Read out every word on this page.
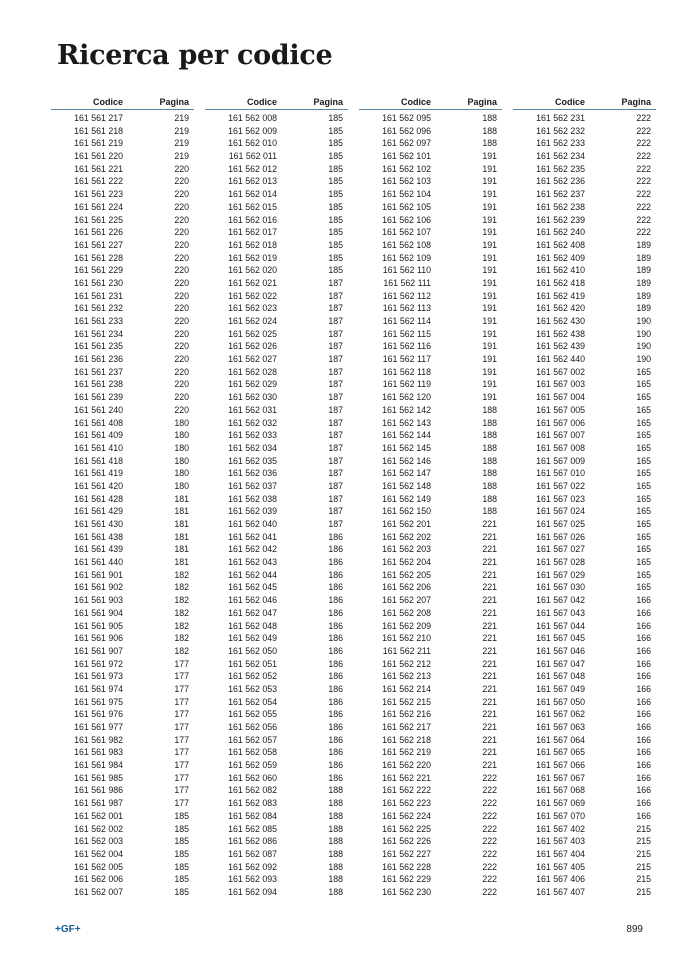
Ricerca per codice
Codice	Pagina
161 561 217	219
161 561 218	219
161 561 219	219
161 561 220	219
161 561 221	220
161 561 222	220
161 561 223	220
161 561 224	220
161 561 225	220
161 561 226	220
161 561 227	220
161 561 228	220
161 561 229	220
161 561 230	220
161 561 231	220
161 561 232	220
161 561 233	220
161 561 234	220
161 561 235	220
161 561 236	220
161 561 237	220
161 561 238	220
161 561 239	220
161 561 240	220
161 561 408	180
161 561 409	180
161 561 410	180
161 561 418	180
161 561 419	180
161 561 420	180
161 561 428	181
161 561 429	181
161 561 430	181
161 561 438	181
161 561 439	181
161 561 440	181
161 561 901	182
161 561 902	182
161 561 903	182
161 561 904	182
161 561 905	182
161 561 906	182
161 561 907	182
161 561 972	177
161 561 973	177
161 561 974	177
161 561 975	177
161 561 976	177
161 561 977	177
161 561 982	177
161 561 983	177
161 561 984	177
161 561 985	177
161 561 986	177
161 561 987	177
161 562 001	185
161 562 002	185
161 562 003	185
161 562 004	185
161 562 005	185
161 562 006	185
161 562 007	185
Codice	Pagina
161 562 008	185
161 562 009	185
161 562 010	185
161 562 011	185
161 562 012	185
161 562 013	185
161 562 014	185
161 562 015	185
161 562 016	185
161 562 017	185
161 562 018	185
161 562 019	185
161 562 020	185
161 562 021	187
161 562 022	187
161 562 023	187
161 562 024	187
161 562 025	187
161 562 026	187
161 562 027	187
161 562 028	187
161 562 029	187
161 562 030	187
161 562 031	187
161 562 032	187
161 562 033	187
161 562 034	187
161 562 035	187
161 562 036	187
161 562 037	187
161 562 038	187
161 562 039	187
161 562 040	187
161 562 041	186
161 562 042	186
161 562 043	186
161 562 044	186
161 562 045	186
161 562 046	186
161 562 047	186
161 562 048	186
161 562 049	186
161 562 050	186
161 562 051	186
161 562 052	186
161 562 053	186
161 562 054	186
161 562 055	186
161 562 056	186
161 562 057	186
161 562 058	186
161 562 059	186
161 562 060	186
161 562 082	188
161 562 083	188
161 562 084	188
161 562 085	188
161 562 086	188
161 562 087	188
161 562 092	188
161 562 093	188
161 562 094	188
Codice	Pagina
161 562 095	188
161 562 096	188
161 562 097	188
161 562 101	191
161 562 102	191
161 562 103	191
161 562 104	191
161 562 105	191
161 562 106	191
161 562 107	191
161 562 108	191
161 562 109	191
161 562 110	191
161 562 111	191
161 562 112	191
161 562 113	191
161 562 114	191
161 562 115	191
161 562 116	191
161 562 117	191
161 562 118	191
161 562 119	191
161 562 120	191
161 562 142	188
161 562 143	188
161 562 144	188
161 562 145	188
161 562 146	188
161 562 147	188
161 562 148	188
161 562 149	188
161 562 150	188
161 562 201	221
161 562 202	221
161 562 203	221
161 562 204	221
161 562 205	221
161 562 206	221
161 562 207	221
161 562 208	221
161 562 209	221
161 562 210	221
161 562 211	221
161 562 212	221
161 562 213	221
161 562 214	221
161 562 215	221
161 562 216	221
161 562 217	221
161 562 218	221
161 562 219	221
161 562 220	221
161 562 221	222
161 562 222	222
161 562 223	222
161 562 224	222
161 562 225	222
161 562 226	222
161 562 227	222
161 562 228	222
161 562 229	222
161 562 230	222
Codice	Pagina
161 562 231	222
161 562 232	222
161 562 233	222
161 562 234	222
161 562 235	222
161 562 236	222
161 562 237	222
161 562 238	222
161 562 239	222
161 562 240	222
161 562 408	189
161 562 409	189
161 562 410	189
161 562 418	189
161 562 419	189
161 562 420	189
161 562 430	190
161 562 438	190
161 562 439	190
161 562 440	190
161 567 002	165
161 567 003	165
161 567 004	165
161 567 005	165
161 567 006	165
161 567 007	165
161 567 008	165
161 567 009	165
161 567 010	165
161 567 022	165
161 567 023	165
161 567 024	165
161 567 025	165
161 567 026	165
161 567 027	165
161 567 028	165
161 567 029	165
161 567 030	165
161 567 042	166
161 567 043	166
161 567 044	166
161 567 045	166
161 567 046	166
161 567 047	166
161 567 048	166
161 567 049	166
161 567 050	166
161 567 062	166
161 567 063	166
161 567 064	166
161 567 065	166
161 567 066	166
161 567 067	166
161 567 068	166
161 567 069	166
161 567 070	166
161 567 402	215
161 567 403	215
161 567 404	215
161 567 405	215
161 567 406	215
161 567 407	215
+GF+	899
